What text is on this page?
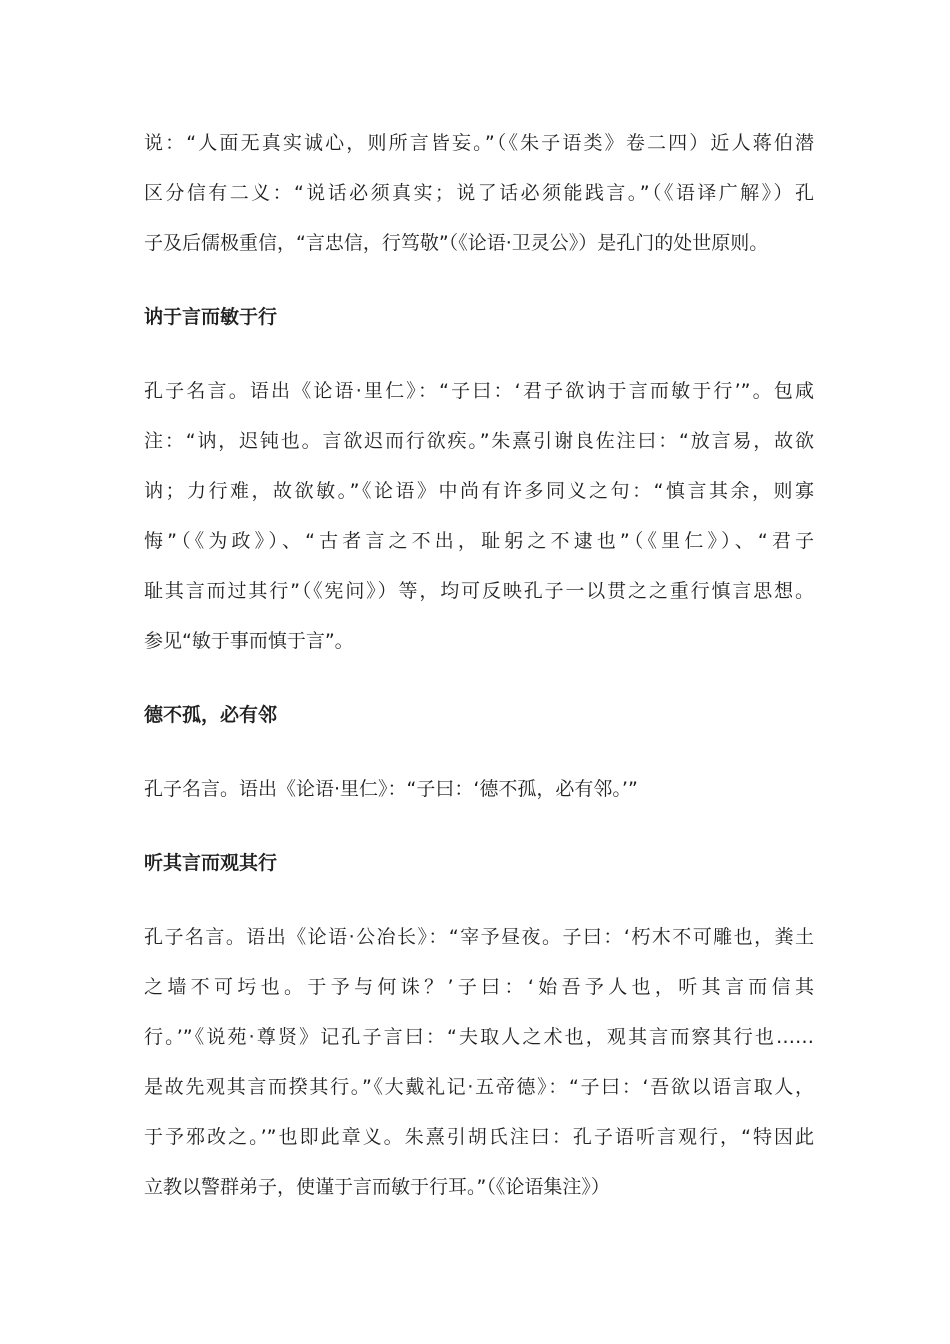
说：“人面无真实诚心，则所言皆妄。”（《朱子语类》卷二四）近人蒋伯潜
区分信有二义：“说话必须真实；说了话必须能践言。”（《语译广解》）孔
子及后儒极重信，“言忠信，行笃敬”（《论语·卫灵公》）是孔门的处世原则。

讷于言而敏于行

孔子名言。语出《论语·里仁》：“子曰：‘君子欲讷于言而敏于行’”。包咸
注：“讷，迟钝也。言欲迟而行欲疾。”朱熹引谢良佐注曰：“放言易，故欲
讷；力行难，故欲敏。”《论语》中尚有许多同义之句：“慎言其余，则寡
悔”（《为政》）、“古者言之不出，耻躬之不逮也”（《里仁》）、“君子
耻其言而过其行”（《宪问》）等，均可反映孔子一以贯之之重行慎言思想。
参见“敏于事而慎于言”。

德不孤，必有邻

孔子名言。语出《论语·里仁》：“子曰：‘德不孤，必有邻。’”

听其言而观其行

孔子名言。语出《论语·公冶长》：“宰予昼夜。子曰：‘朽木不可雕也，粪土
之墙不可圬也。于予与何诛？’子曰：‘始吾予人也，听其言而信其
行。’”《说苑·尊贤》记孔子言曰：“夫取人之术也，观其言而察其行也……
是故先观其言而揆其行。”《大戴礼记·五帝德》：“子曰：‘吾欲以语言取人，
于予邪改之。’”也即此章义。朱熹引胡氏注曰：孔子语听言观行，“特因此
立教以警群弟子，使谨于言而敏于行耳。”（《论语集注》）
